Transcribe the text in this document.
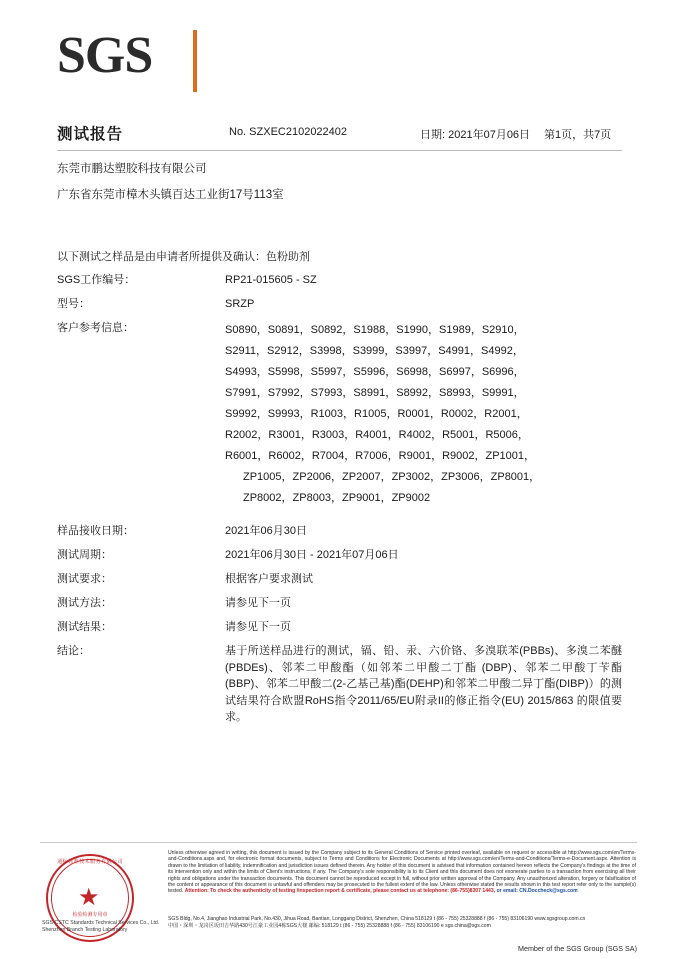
SGS
测试报告	No. SZXEC2102022402	日期: 2021年07月06日 第1页，共7页
东莞市鹏达塑胶科技有限公司
广东省东莞市樟木头镇百达工业街17号113室
以下测试之样品是由申请者所提供及确认：色粉助剂
SGS工作编号：	RP21-015605 - SZ
型号：	SRZP
客户参考信息：	S0890，S0891，S0892，S1988，S1990，S1989，S2910，
S2911，S2912，S3998，S3999，S3997，S4991，S4992，
S4993，S5998，S5997，S5996，S6998，S6997，S6996，
S7991，S7992，S7993，S8991，S8992，S8993，S9991，
S9992，S9993，R1003，R1005，R0001，R0002，R2001，
R2002，R3001，R3003，R4001，R4002，R5001，R5006，
R6001，R6002，R7004，R7006，R9001，R9002，ZP1001，
ZP1005，ZP2006，ZP2007，ZP3002，ZP3006，ZP8001，
ZP8002，ZP8003，ZP9001，ZP9002
样品接收日期：	2021年06月30日
测试周期：	2021年06月30日 - 2021年07月06日
测试要求：	根据客户要求测试
测试方法：	请参见下一页
测试结果：	请参见下一页
结论：	基于所送样品进行的测试，镉、铅、汞、六价铬、多溴联苯(PBBs)、多溴二苯醚(PBDEs)、邻苯二甲酸酯（如邻苯二甲酸二丁酯 (DBP)、邻苯二甲酸丁苄酯(BBP)、邻苯二甲酸二(2-乙基己基)酯(DEHP)和邻苯二甲酸二异丁酯(DIBP)）的测试结果符合欧盟RoHS指令2011/65/EU附录II的修正指令(EU) 2015/863 的限值要求。
通标标准技术服务有限公司
★
检验检测专用章
SGS-CSTC Standards Technical Services Co., Ltd.
Shenzhen Branch Testing Laboratory
Unless otherwise agreed in writing, this document is issued by the Company subject to its General Conditions of Service printed overleaf, available on request or accessible at http://www.sgs.com/en/Terms-and-Conditions.aspx and, for electronic format documents, subject to Terms and Conditions for Electronic Documents at http://www.sgs.com/en/Terms-and-Conditions/Terms-e-Document.aspx. Attention is drawn to the limitation of liability, indemnification and jurisdiction issues defined therein. Any holder of this document is advised that information contained hereon reflects the Company's findings at the time of its intervention only and within the limits of Client's instructions, if any. The Company's sole responsibility is to its Client and this document does not exonerate parties to a transaction from exercising all their rights and obligations under the transaction documents. This document cannot be reproduced except in full, without prior written approval of the Company. Any unauthorized alteration, forgery or falsification of the content or appearance of this document is unlawful and offenders may be prosecuted to the fullest extent of the law. Unless otherwise stated the results shown in this test report refer only to the sample(s) tested. Attention: To check the authenticity of testing /inspection report & certificate, please contact us at telephone: (86-755)8307 1443, or email: CN.Doccheck@sgs.com
SGS Bldg, No.4, Jianghao Industrial Park, No.430, Jihua Road, Bantian, Longgang District, Shenzhen, China 518129 t (86 - 755) 25328888 f (86 - 755) 83106190 www.sgsgroup.com.cn
中国・深圳・龙岗区坂田吉华路430号江豪工业园4栋SGS大楼 邮编: 518129 t (86 - 755) 25328888 f (86 - 755) 83106190 e sgs.china@sgs.com
Member of the SGS Group (SGS SA)
